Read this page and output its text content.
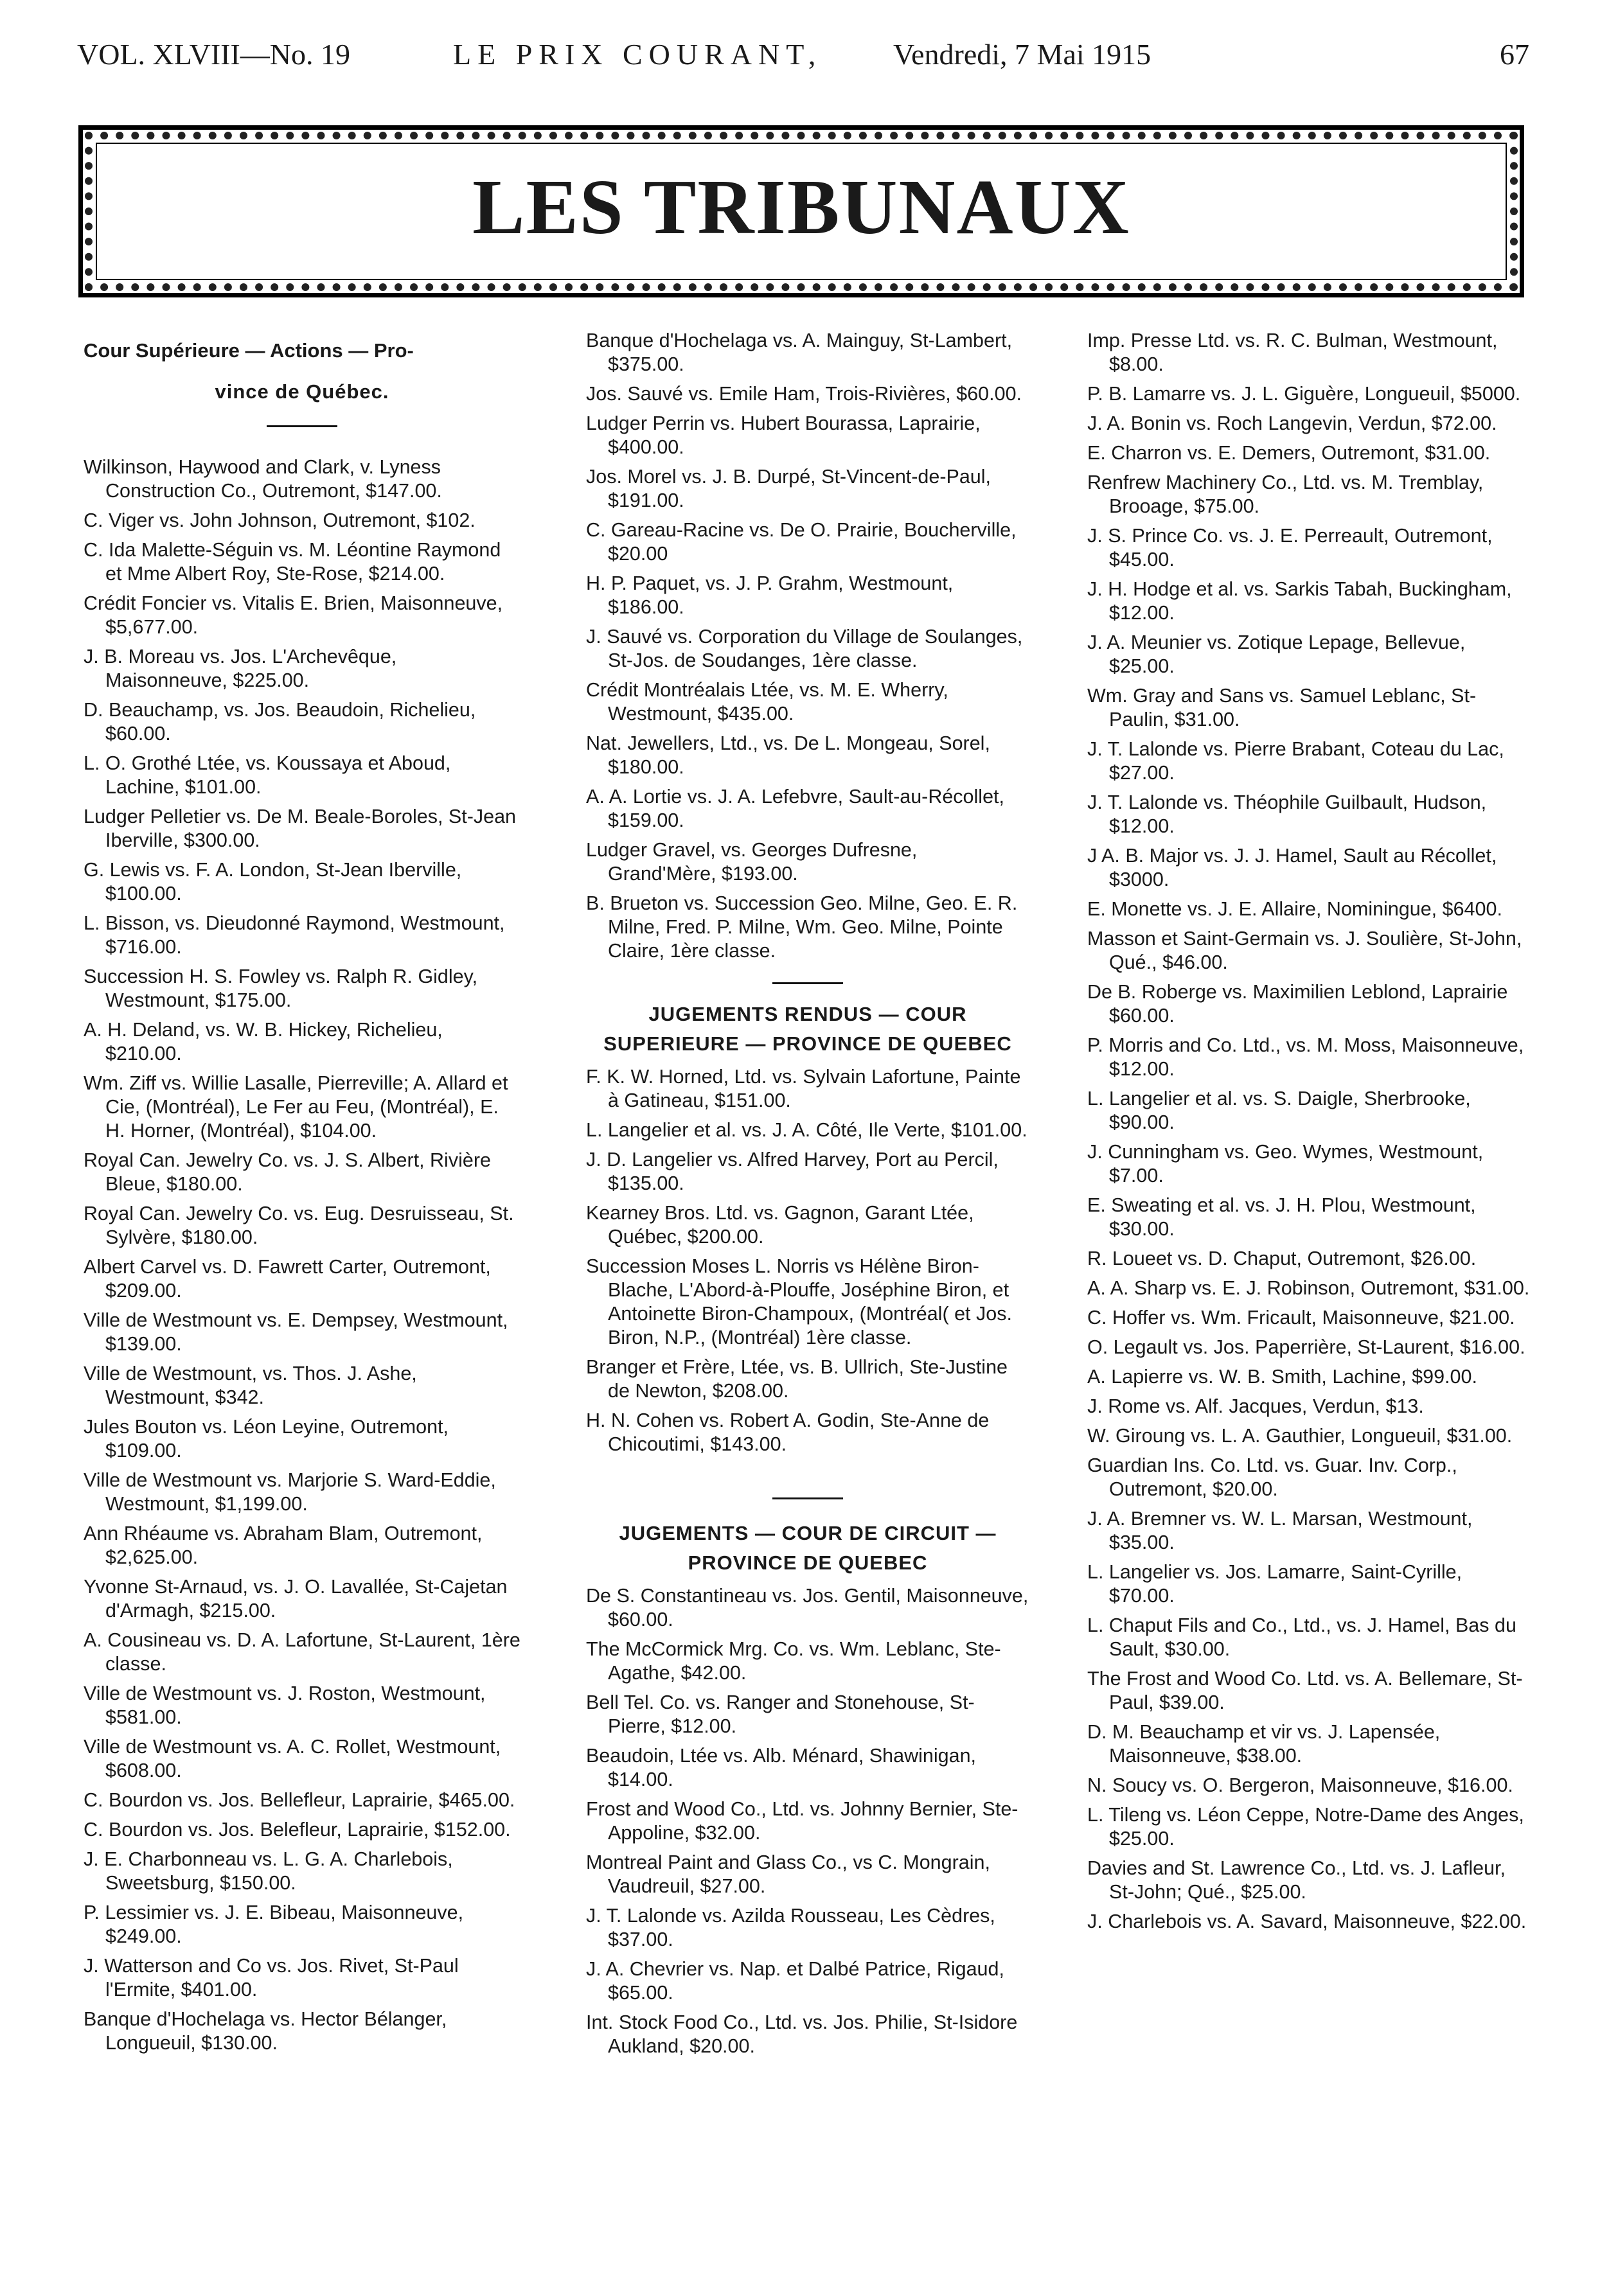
VOL. XLVIII—No. 19	LE PRIX COURANT, Vendredi, 7 Mai 1915	67
LES TRIBUNAUX
Cour Supérieure — Actions — Pro-
vince de Québec.

Wilkinson, Haywood and Clark, v. Lyness Construction Co., Outremont, $147.00.

C. Viger vs. John Johnson, Outremont, $102.

C. Ida Malette-Séguin vs. M. Léontine Raymond et Mme Albert Roy, Ste-Rose, $214.00.

Crédit Foncier vs. Vitalis E. Brien, Maisonneuve, $5,677.00.

J. B. Moreau vs. Jos. L'Archevêque, Maisonneuve, $225.00.

D. Beauchamp, vs. Jos. Beaudoin, Richelieu, $60.00.

L. O. Grothé Ltée, vs. Koussaya et Aboud, Lachine, $101.00.

Ludger Pelletier vs. De M. Beale-Boroles, St-Jean Iberville, $300.00.

G. Lewis vs. F. A. London, St-Jean Iberville, $100.00.

L. Bisson, vs. Dieudonné Raymond, Westmount, $716.00.

Succession H. S. Fowley vs. Ralph R. Gidley, Westmount, $175.00.

A. H. Deland, vs. W. B. Hickey, Richelieu, $210.00.

Wm. Ziff vs. Willie Lasalle, Pierreville; A. Allard et Cie, (Montréal), Le Fer au Feu, (Montréal), E. H. Horner, (Montréal), $104.00.

Royal Can. Jewelry Co. vs. J. S. Albert, Rivière Bleue, $180.00.

Royal Can. Jewelry Co. vs. Eug. Desruisseau, St. Sylvère, $180.00.

Albert Carvel vs. D. Fawrett Carter, Outremont, $209.00.

Ville de Westmount vs. E. Dempsey, Westmount, $139.00.

Ville de Westmount, vs. Thos. J. Ashe, Westmount, $342.

Jules Bouton vs. Léon Leyine, Outremont, $109.00.

Ville de Westmount vs. Marjorie S. Ward-Eddie, Westmount, $1,199.00.

Ann Rhéaume vs. Abraham Blam, Outremont, $2,625.00.

Yvonne St-Arnaud, vs. J. O. Lavallée, St-Cajetan d'Armagh, $215.00.

A. Cousineau vs. D. A. Lafortune, St-Laurent, 1ère classe.

Ville de Westmount vs. J. Roston, Westmount, $581.00.

Ville de Westmount vs. A. C. Rollet, Westmount, $608.00.

C. Bourdon vs. Jos. Bellefleur, Laprairie, $465.00.

C. Bourdon vs. Jos. Belefleur, Laprairie, $152.00.

J. E. Charbonneau vs. L. G. A. Charlebois, Sweetsburg, $150.00.

P. Lessimier vs. J. E. Bibeau, Maisonneuve, $249.00.

J. Watterson and Co vs. Jos. Rivet, St-Paul l'Ermite, $401.00.

Banque d'Hochelaga vs. Hector Bélanger, Longueuil, $130.00.

Banque d'Hochelaga vs. A. Mainguy, St-Lambert, $375.00.

Jos. Sauvé vs. Emile Ham, Trois-Rivières, $60.00.

Ludger Perrin vs. Hubert Bourassa, Laprairie, $400.00.

Jos. Morel vs. J. B. Durpé, St-Vincent-de-Paul, $191.00.

C. Gareau-Racine vs. De O. Prairie, Boucherville, $20.00

H. P. Paquet, vs. J. P. Grahm, Westmount, $186.00.

J. Sauvé vs. Corporation du Village de Soulanges, St-Jos. de Soudanges, 1ère classe.

Crédit Montréalais Ltée, vs. M. E. Wherry, Westmount, $435.00.

Nat. Jewellers, Ltd., vs. De L. Mongeau, Sorel, $180.00.

A. A. Lortie vs. J. A. Lefebvre, Sault-au-Récollet, $159.00.

Ludger Gravel, vs. Georges Dufresne, Grand'Mère, $193.00.

B. Brueton vs. Succession Geo. Milne, Geo. E. R. Milne, Fred. P. Milne, Wm. Geo. Milne, Pointe Claire, 1ère classe.

JUGEMENTS RENDUS — COUR SUPERIEURE — PROVINCE DE QUEBEC

F. K. W. Horned, Ltd. vs. Sylvain Lafortune, Painte à Gatineau, $151.00.

L. Langelier et al. vs. J. A. Côté, Ile Verte, $101.00.

J. D. Langelier vs. Alfred Harvey, Port au Percil, $135.00.

Kearney Bros. Ltd. vs. Gagnon, Garant Ltée, Québec, $200.00.

Succession Moses L. Norris vs Hélène Biron-Blache, L'Abord-à-Plouffe, Joséphine Biron, et Antoinette Biron-Champoux, (Montréal( et Jos. Biron, N.P., (Montréal) 1ère classe.

Branger et Frère, Ltée, vs. B. Ullrich, Ste-Justine de Newton, $208.00.

H. N. Cohen vs. Robert A. Godin, Ste-Anne de Chicoutimi, $143.00.

JUGEMENTS — COUR DE CIRCUIT — PROVINCE DE QUEBEC

De S. Constantineau vs. Jos. Gentil, Maisonneuve, $60.00.

The McCormick Mrg. Co. vs. Wm. Leblanc, Ste-Agathe, $42.00.

Bell Tel. Co. vs. Ranger and Stonehouse, St-Pierre, $12.00.

Beaudoin, Ltée vs. Alb. Ménard, Shawinigan, $14.00.

Frost and Wood Co., Ltd. vs. Johnny Bernier, Ste-Appoline, $32.00.

Montreal Paint and Glass Co., vs C. Mongrain, Vaudreuil, $27.00.

J. T. Lalonde vs. Azilda Rousseau, Les Cèdres, $37.00.

J. A. Chevrier vs. Nap. et Dalbé Patrice, Rigaud, $65.00.

Int. Stock Food Co., Ltd. vs. Jos. Philie, St-Isidore Aukland, $20.00.

Imp. Presse Ltd. vs. R. C. Bulman, Westmount, $8.00.

P. B. Lamarre vs. J. L. Giguère, Longueuil, $5000.

J. A. Bonin vs. Roch Langevin, Verdun, $72.00.

E. Charron vs. E. Demers, Outremont, $31.00.

Renfrew Machinery Co., Ltd. vs. M. Tremblay, Brooage, $75.00.

J. S. Prince Co. vs. J. E. Perreault, Outremont, $45.00.

J. H. Hodge et al. vs. Sarkis Tabah, Buckingham, $12.00.

J. A. Meunier vs. Zotique Lepage, Bellevue, $25.00.

Wm. Gray and Sans vs. Samuel Leblanc, St-Paulin, $31.00.

J. T. Lalonde vs. Pierre Brabant, Coteau du Lac, $27.00.

J. T. Lalonde vs. Théophile Guilbault, Hudson, $12.00.

J A. B. Major vs. J. J. Hamel, Sault au Récollet, $3000.

E. Monette vs. J. E. Allaire, Nominingue, $6400.

Masson et Saint-Germain vs. J. Soulière, St-John, Qué., $46.00.

De B. Roberge vs. Maximilien Leblond, Laprairie $60.00.

P. Morris and Co. Ltd., vs. M. Moss, Maisonneuve, $12.00.

L. Langelier et al. vs. S. Daigle, Sherbrooke, $90.00.

J. Cunningham vs. Geo. Wymes, Westmount, $7.00.

E. Sweating et al. vs. J. H. Plou, Westmount, $30.00.

R. Loueet vs. D. Chaput, Outremont, $26.00.

A. A. Sharp vs. E. J. Robinson, Outremont, $31.00.

C. Hoffer vs. Wm. Fricault, Maisonneuve, $21.00.

O. Legault vs. Jos. Paperrière, St-Laurent, $16.00.

A. Lapierre vs. W. B. Smith, Lachine, $99.00.

J. Rome vs. Alf. Jacques, Verdun, $13.

W. Giroung vs. L. A. Gauthier, Longueuil, $31.00.

Guardian Ins. Co. Ltd. vs. Guar. Inv. Corp., Outremont, $20.00.

J. A. Bremner vs. W. L. Marsan, Westmount, $35.00.

L. Langelier vs. Jos. Lamarre, Saint-Cyrille, $70.00.

L. Chaput Fils and Co., Ltd., vs. J. Hamel, Bas du Sault, $30.00.

The Frost and Wood Co. Ltd. vs. A. Bellemare, St-Paul, $39.00.

D. M. Beauchamp et vir vs. J. Lapensée, Maisonneuve, $38.00.

N. Soucy vs. O. Bergeron, Maisonneuve, $16.00.

L. Tileng vs. Léon Ceppe, Notre-Dame des Anges, $25.00.

Davies and St. Lawrence Co., Ltd. vs. J. Lafleur, St-John; Qué., $25.00.

J. Charlebois vs. A. Savard, Maisonneuve, $22.00.
